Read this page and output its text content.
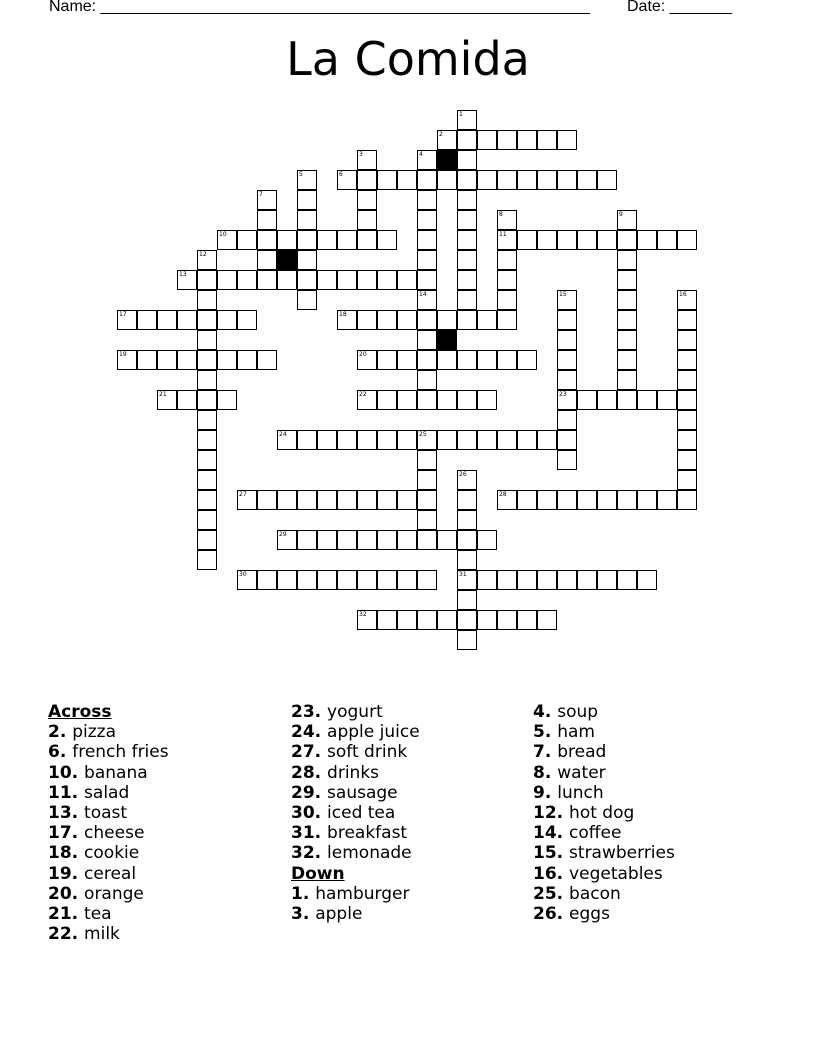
Name: _______________________________________________________ Date: _______
La Comida
1
2
3	4
5	6
7
8
11
9
10
12
13
14	15
23
16
17	18
19	20
21	22
24	25
26
31
27	28
29
30
32
Across
2. pizza
6. french fries
10. banana
11. salad
13. toast
17. cheese
18. cookie
19. cereal
20. orange
21. tea
22. milk
23. yogurt
24. apple juice
27. soft drink
28. drinks
29. sausage
30. iced tea
31. breakfast
32. lemonade
Down
1. hamburger
3. apple
4. soup
5. ham
7. bread
8. water
9. lunch
12. hot dog
14. coffee
15. strawberries
16. vegetables
25. bacon
26. eggs
